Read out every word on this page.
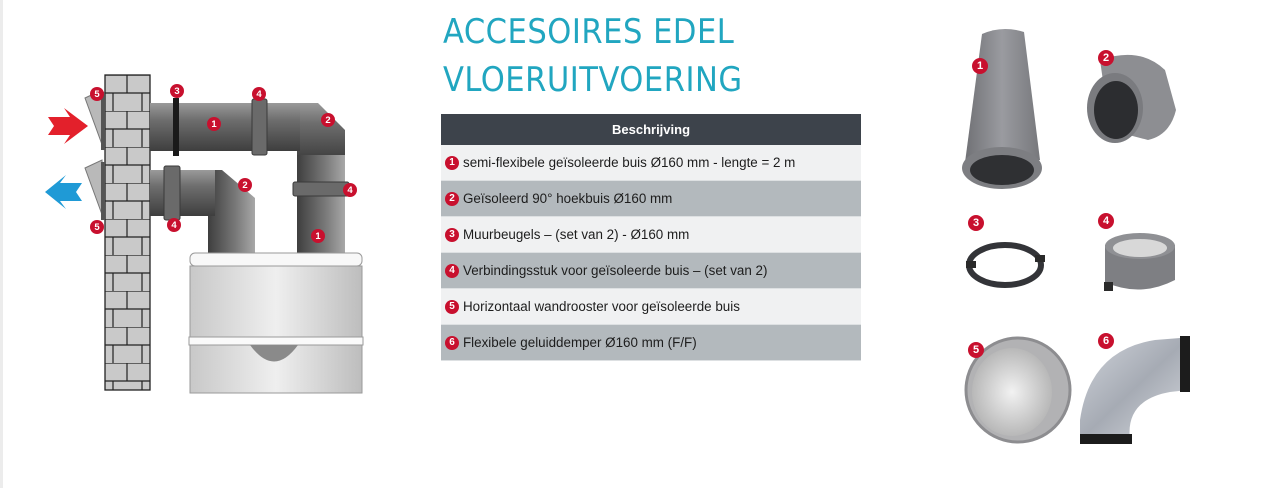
5
5
3
1
4
2
4
1
2
4
ACCESOIRES EDEL
VLOERUITVOERING
Beschrijving
1 semi-flexibele geïsoleerde buis Ø160 mm - lengte = 2 m
2 Geïsoleerd 90° hoekbuis Ø160 mm
3 Muurbeugels – (set van 2) - Ø160 mm
4 Verbindingsstuk voor geïsoleerde buis – (set van 2)
5 Horizontaal wandrooster voor geïsoleerde buis
6 Flexibele geluiddemper Ø160 mm (F/F)
1
2
3	4
5
6
